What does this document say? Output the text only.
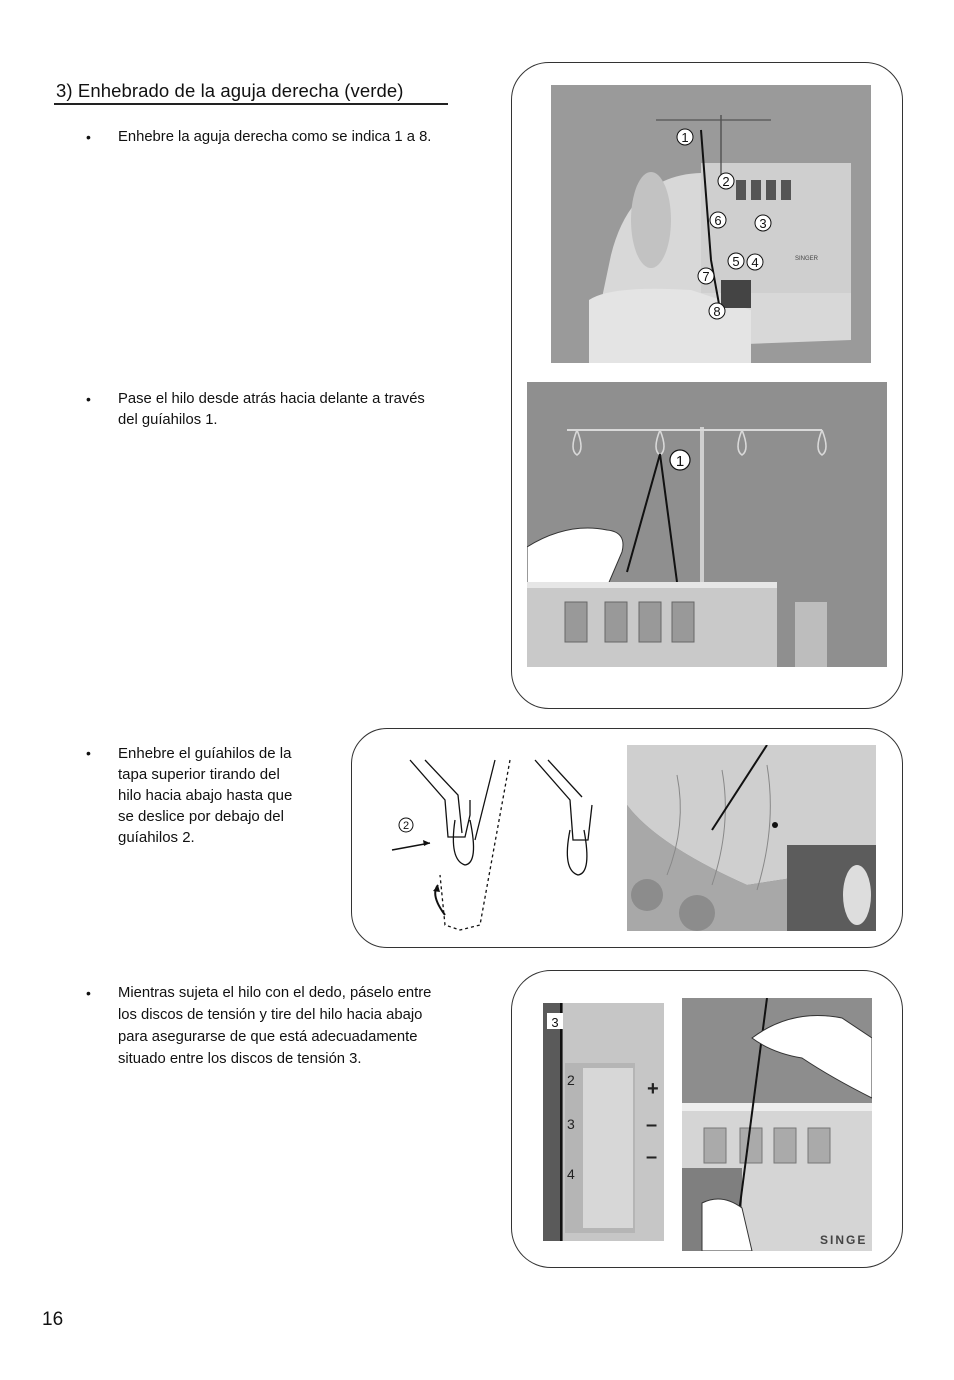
3) Enhebrado de la aguja derecha (verde)
• Enhebre la aguja derecha como se indica 1 a 8.
• Pase el hilo desde atrás hacia delante a través
del guíahilos 1.
• Enhebre el guíahilos de la
tapa superior tirando del
hilo hacia abajo hasta que
se deslice por debajo del
guíahilos 2.
• Mientras sujeta el hilo con el dedo, páselo entre
los discos de tensión y tire del hilo hacia abajo
para asegurarse de que está adecuadamente
situado entre los discos de tensión 3.
SINGER
1
2
3
4
5
6
7
8
1
2
3
2
3
4
+
–
–
SINGE
16
